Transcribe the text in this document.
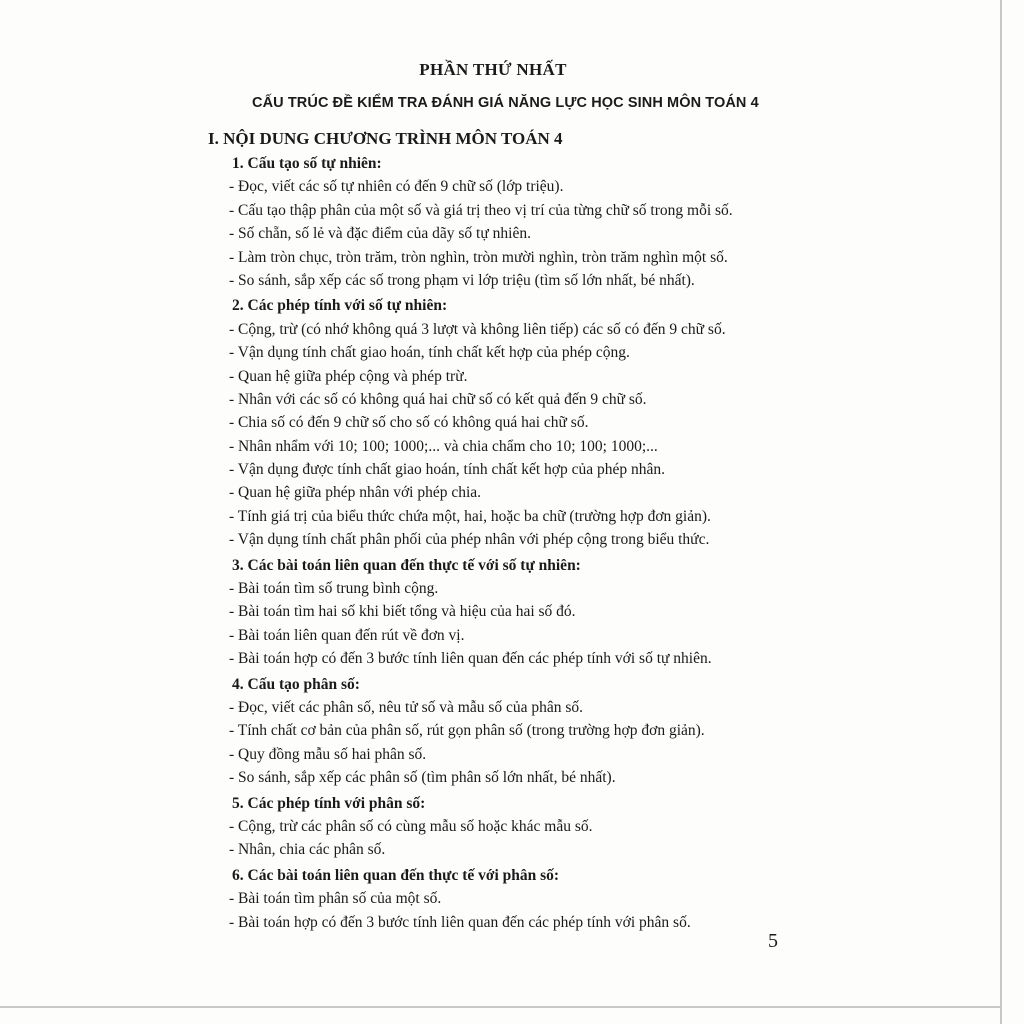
PHẦN THỨ NHẤT
CẤU TRÚC ĐỀ KIỂM TRA ĐÁNH GIÁ NĂNG LỰC HỌC SINH MÔN TOÁN 4
I. NỘI DUNG CHƯƠNG TRÌNH MÔN TOÁN 4
1. Cấu tạo số tự nhiên:
- Đọc, viết các số tự nhiên có đến 9 chữ số (lớp triệu).
- Cấu tạo thập phân của một số và giá trị theo vị trí của từng chữ số trong mỗi số.
- Số chẵn, số lẻ và đặc điểm của dãy số tự nhiên.
- Làm tròn chục, tròn trăm, tròn nghìn, tròn mười nghìn, tròn trăm nghìn một số.
- So sánh, sắp xếp các số trong phạm vi lớp triệu (tìm số lớn nhất, bé nhất).
2. Các phép tính với số tự nhiên:
- Cộng, trừ (có nhớ không quá 3 lượt và không liên tiếp) các số có đến 9 chữ số.
- Vận dụng tính chất giao hoán, tính chất kết hợp của phép cộng.
- Quan hệ giữa phép cộng và phép trừ.
- Nhân với các số có không quá hai chữ số có kết quả đến 9 chữ số.
- Chia số có đến 9 chữ số cho số có không quá hai chữ số.
- Nhân nhẩm với 10; 100; 1000;... và chia chẩm cho 10; 100; 1000;...
- Vận dụng được tính chất giao hoán, tính chất kết hợp của phép nhân.
- Quan hệ giữa phép nhân với phép chia.
- Tính giá trị của biểu thức chứa một, hai, hoặc ba chữ (trường hợp đơn giản).
- Vận dụng tính chất phân phối của phép nhân với phép cộng trong biểu thức.
3. Các bài toán liên quan đến thực tế với số tự nhiên:
- Bài toán tìm số trung bình cộng.
- Bài toán tìm hai số khi biết tổng và hiệu của hai số đó.
- Bài toán liên quan đến rút về đơn vị.
- Bài toán hợp có đến 3 bước tính liên quan đến các phép tính với số tự nhiên.
4. Cấu tạo phân số:
- Đọc, viết các phân số, nêu tử số và mẫu số của phân số.
- Tính chất cơ bản của phân số, rút gọn phân số (trong trường hợp đơn giản).
- Quy đồng mẫu số hai phân số.
- So sánh, sắp xếp các phân số (tìm phân số lớn nhất, bé nhất).
5. Các phép tính với phân số:
- Cộng, trừ các phân số có cùng mẫu số hoặc khác mẫu số.
- Nhân, chia các phân số.
6. Các bài toán liên quan đến thực tế với phân số:
- Bài toán tìm phân số của một số.
- Bài toán hợp có đến 3 bước tính liên quan đến các phép tính với phân số.
5
